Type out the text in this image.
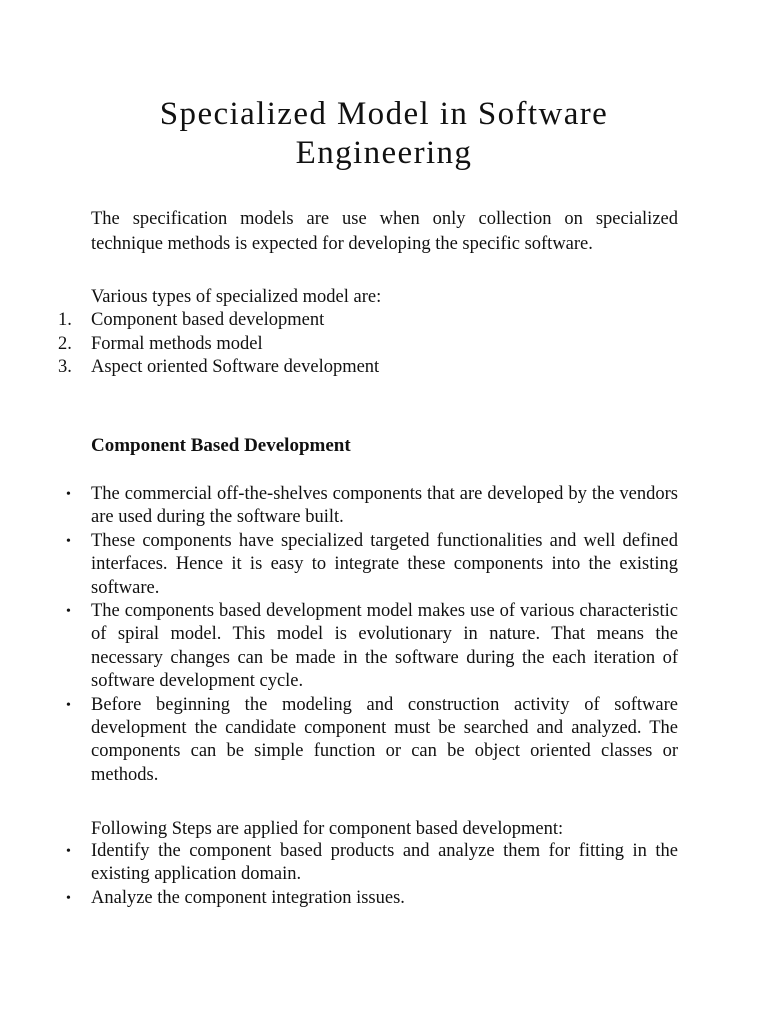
Specialized Model in Software
Engineering

The specification models are use when only collection on specialized technique methods is expected for developing the specific software.

Various types of specialized model are:

1.	Component based development
2.	Formal methods model
3.	Aspect oriented Software development
Component Based Development
• The commercial off-the-shelves components that are developed by the vendors are used during the software built.
• These components have specialized targeted functionalities and well defined interfaces. Hence it is easy to integrate these components into the existing software.
• The components based development model makes use of various characteristic of spiral model. This model is evolutionary in nature. That means the necessary changes can be made in the software during the each iteration of software development cycle.
• Before beginning the modeling and construction activity of software development the candidate component must be searched and analyzed. The components can be simple function or can be object oriented classes or methods.

Following Steps are applied for component based development:

• Identify the component based products and analyze them for fitting in the existing application domain.
• Analyze the component integration issues.
